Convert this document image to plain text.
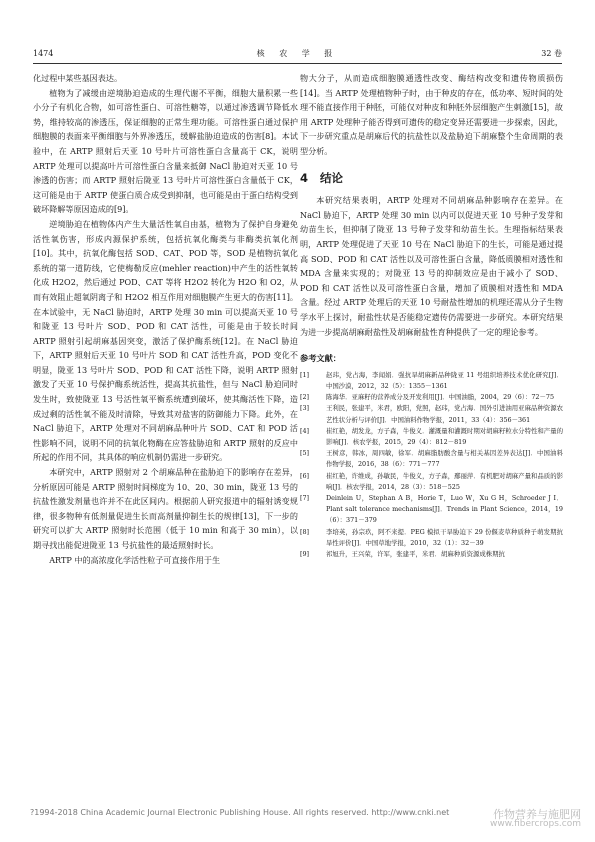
1474	核 农 学 报	32 卷

化过程中某些基因表达。

植物为了减缓由逆境胁迫造成的生理代谢不平衡，细胞大量积累一些小分子有机化合物，如可溶性蛋白、可溶性糖等，以通过渗透调节降低水势，维持较高的渗透压，保证细胞的正常生理功能。可溶性蛋白通过保护细胞膜的表面来平衡细胞与外界渗透压，缓解盐胁迫造成的伤害[8]。本试验中，在 ARTP 照射后天亚 10 号叶片可溶性蛋白含量高于 CK，说明 ARTP 处理可以提高叶片可溶性蛋白含量来抵御 NaCl 胁迫对天亚 10 号渗透的伤害；而 ARTP 照射后陇亚 13 号叶片可溶性蛋白含量低于 CK，这可能是由于 ARTP 使蛋白质合成受到抑制，也可能是由于蛋白结构受到破坏降解等原因造成的[9]。

逆境胁迫在植物体内产生大量活性氧自由基，植物为了保护自身避免活性氧伤害，形成内源保护系统，包括抗氧化酶类与非酶类抗氧化剂[10]。其中，抗氧化酶包括 SOD、CAT、POD 等，SOD 是植物抗氧化系统的第一道防线，它使梅勒反应(mehler reaction)中产生的活性氧转化成 H2O2，然后通过 POD、CAT 等将 H2O2 转化为 H2O 和 O2，从而有效阻止超氧阴离子和 H2O2 相互作用对细胞膜产生更大的伤害[11]。在本试验中，无 NaCl 胁迫时，ARTP 处理 30 min 可以提高天亚 10 号和陇亚 13 号叶片 SOD、POD 和 CAT 活性，可能是由于较长时间 ARTP 照射引起胡麻基因突变，激活了保护酶系统[12]。在 NaCl 胁迫下，ARTP 照射后天亚 10 号叶片 SOD 和 CAT 活性升高，POD 变化不明显，陇亚 13 号叶片 SOD、POD 和 CAT 活性下降，说明 ARTP 照射激发了天亚 10 号保护酶系统活性，提高其抗盐性，但与 NaCl 胁迫同时发生时，致使陇亚 13 号活性氧平衡系统遭到破坏，使其酶活性下降，造成过剩的活性氧不能及时清除，导致其对盐害的防御能力下降。此外，在 NaCl 胁迫下，ARTP 处理对不同胡麻品种叶片 SOD、CAT 和 POD 活性影响不同，说明不同的抗氧化物酶在应答盐胁迫和 ARTP 照射的反应中所起的作用不同，其具体的响应机制仍需进一步研究。

本研究中，ARTP 照射对 2 个胡麻品种在盐胁迫下的影响存在差异，分析原因可能是 ARTP 照射时间梯度为 10、20、30 min，陇亚 13 号的抗盐性激发剂量也许并不在此区间内。根据前人研究报道中的辐射诱变规律，很多物种有低剂量促进生长而高剂量抑制生长的规律[13]，下一步的研究可以扩大 ARTP 照射时长范围（低于 10 min 和高于 30 min），以期寻找出能促进陇亚 13 号抗盐性的最适照射时长。

ARTP 中的高浓度化学活性粒子可直接作用于生

物大分子，从而造成细胞膜通透性改变、酶结构改变和遗传物质损伤[14]。当 ARTP 处理植物种子时，由于种皮的存在，低功率、短时间的处理不能直接作用于种胚，可能仅对种皮和种胚外层细胞产生刺激[15]，故用 ARTP 处理种子能否得到可遗传的稳定变异还需要进一步探索，因此，下一步研究重点是胡麻后代的抗盐性以及盐胁迫下胡麻整个生命周期的表型分析。

4 结论

本研究结果表明，ARTP 处理对不同胡麻品种影响存在差异。在 NaCl 胁迫下，ARTP 处理 30 min 以内可以促进天亚 10 号种子发芽和幼苗生长，但抑制了陇亚 13 号种子发芽和幼苗生长。生理指标结果表明，ARTP 处理促进了天亚 10 号在 NaCl 胁迫下的生长，可能是通过提高 SOD、POD 和 CAT 活性以及可溶性蛋白含量，降低质膜相对透性和 MDA 含量来实现的；对陇亚 13 号的抑制效应是由于减小了 SOD、POD 和 CAT 活性以及可溶性蛋白含量，增加了质膜相对透性和 MDA 含量。经过 ARTP 处理后的天亚 10 号耐盐性增加的机理还需从分子生物学水平上探讨，耐盐性状是否能稳定遗传仍需要进一步研究。本研究结果为进一步提高胡麻耐盐性及胡麻耐盐性育种提供了一定的理论参考。

参考文献：
[1]	赵玮，党占海，李闻娟．强抗旱胡麻新品种陇亚 11 号组织培养技术优化研究[J]．中国沙漠，2012，32（5）：1355－1361
[2]	陈海华．亚麻籽的营养成分及开发利用[J]．中国油脂，2004，29（6）：72－75
[3]	王利民，张建平，米君，欧阳，党照，赵玮，党占海．国外引进油用亚麻品种资源农艺性状分析与评价[J]．中国油料作物学报，2011，33（4）：356－361
[4]	崔红艳，胡发龙，方子森，牛俊义．灌溉量和灌溉时期对胡麻籽粒水分特性和产量的影响[J]．核农学报，2015，29（4）：812－819
[5]	王树彦，韩冰，周四敏，徐军．胡麻脂肪酸含量与相关基因差异表达[J]．中国油料作物学报，2016，38（6）：771－777
[6]	崔红艳，许维成，孙敏民，牛俊义，方子森，鄢丽萍．有机肥对胡麻产量和品质的影响[J]．核农学报，2014，28（3）：518－525
[7]	Deinlein U，Stephan A B，Horie T，Luo W，Xu G H，Schroeder J I．Plant salt tolerance mechanisms[J]．Trends in Plant Science，2014，19（6）：371－379
[8]	李培英，孙宗玖，阿不来提．PEG 模拟干旱胁迫下 29 份偃麦草种质种子萌发期抗旱性评价[J]．中国草地学报，2010，32（1）：32－39
[9]	祁旭升，王兴荣，许军，张建平，米君．胡麻种质资源成株期抗
?1994-2018 China Academic Journal Electronic Publishing House. All rights reserved. http://www.cnki.net	作物营养与施肥网
www.fibercrops.com
